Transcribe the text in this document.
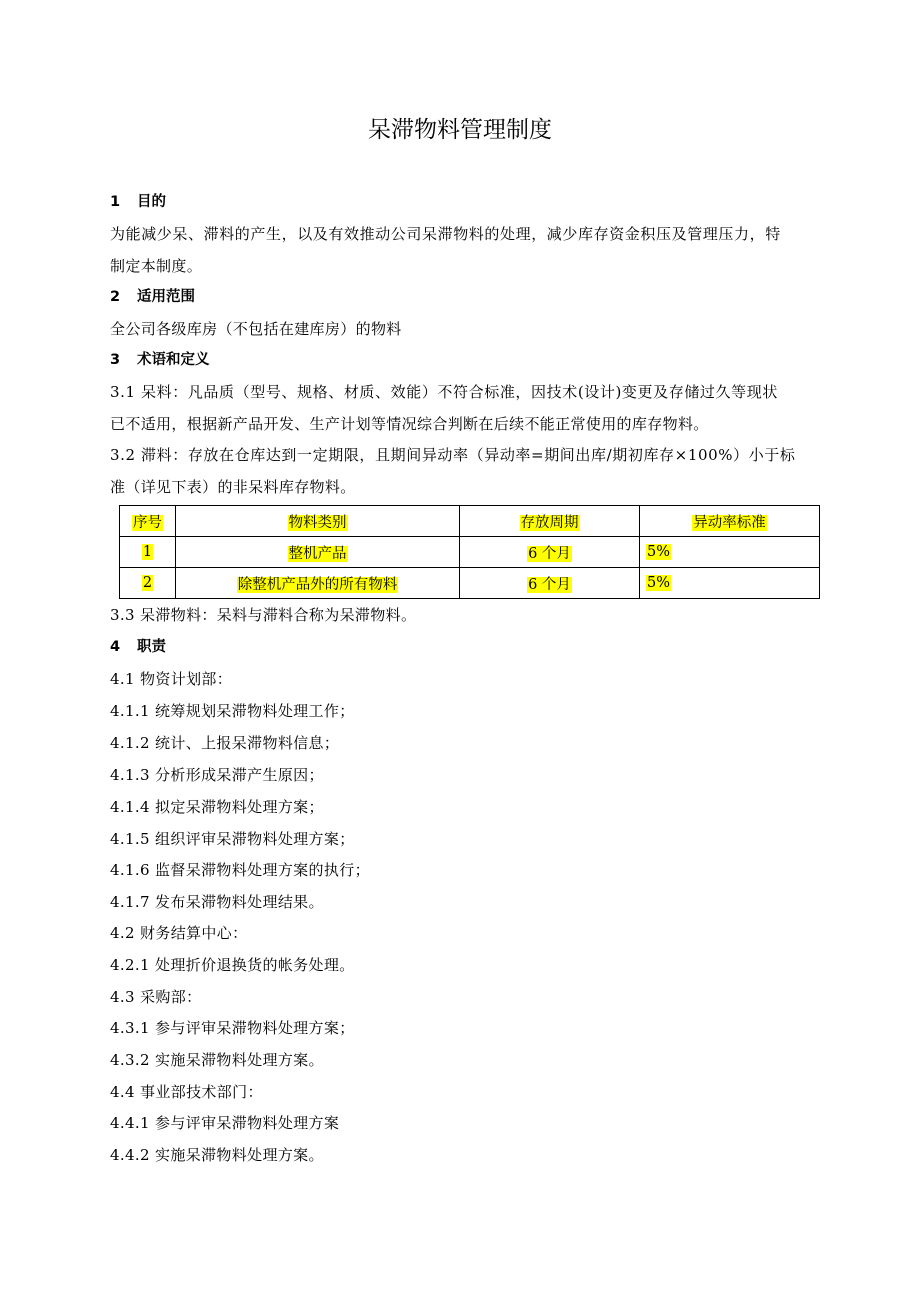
呆滞物料管理制度
1 目的
为能减少呆、滞料的产生，以及有效推动公司呆滞物料的处理，减少库存资金积压及管理压力，特
制定本制度。
2 适用范围
全公司各级库房（不包括在建库房）的物料
3 术语和定义
3.1 呆料：凡品质（型号、规格、材质、效能）不符合标准，因技术(设计)变更及存储过久等现状
已不适用，根据新产品开发、生产计划等情况综合判断在后续不能正常使用的库存物料。
3.2 滞料：存放在仓库达到一定期限，且期间异动率（异动率=期间出库/期初库存×100%）小于标
准（详见下表）的非呆料库存物料。
序号	物料类别	存放周期	异动率标准
1	整机产品	6 个月	5%
2	除整机产品外的所有物料	6 个月	5%
3.3 呆滞物料：呆料与滞料合称为呆滞物料。
4 职责
4.1 物资计划部：
4.1.1 统筹规划呆滞物料处理工作；
4.1.2 统计、上报呆滞物料信息；
4.1.3 分析形成呆滞产生原因；
4.1.4 拟定呆滞物料处理方案；
4.1.5 组织评审呆滞物料处理方案；
4.1.6 监督呆滞物料处理方案的执行；
4.1.7 发布呆滞物料处理结果。
4.2 财务结算中心：
4.2.1 处理折价退换货的帐务处理。
4.3 采购部：
4.3.1 参与评审呆滞物料处理方案；
4.3.2 实施呆滞物料处理方案。
4.4 事业部技术部门：
4.4.1 参与评审呆滞物料处理方案
4.4.2 实施呆滞物料处理方案。
